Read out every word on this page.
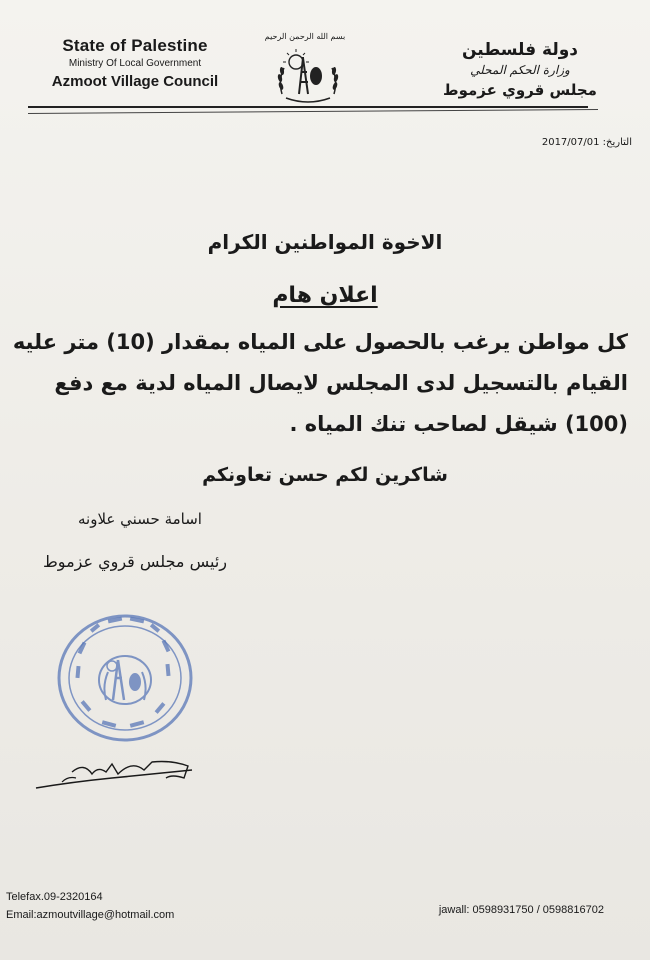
State of Palestine
Ministry Of Local Government
Azmoot Village Council
بسم الله الرحمن الرحيم
دولة فلسطين
وزارة الحكم المحلي
مجلس قروي عزموط
التاريخ: 2017/07/01
الاخوة المواطنين الكرام
اعلان هام
كل مواطن يرغب بالحصول على المياه بمقدار (10) متر عليه
القيام بالتسجيل لدى المجلس لايصال المياه لدية مع دفع
(100) شيقل لصاحب تنك المياه .
شاكرين لكم حسن تعاونكم
اسامة حسني علاونه
رئيس مجلس قروي عزموط
Telefax.09-2320164
Email:azmoutvillage@hotmail.com	jawall: 0598931750 / 0598816702
